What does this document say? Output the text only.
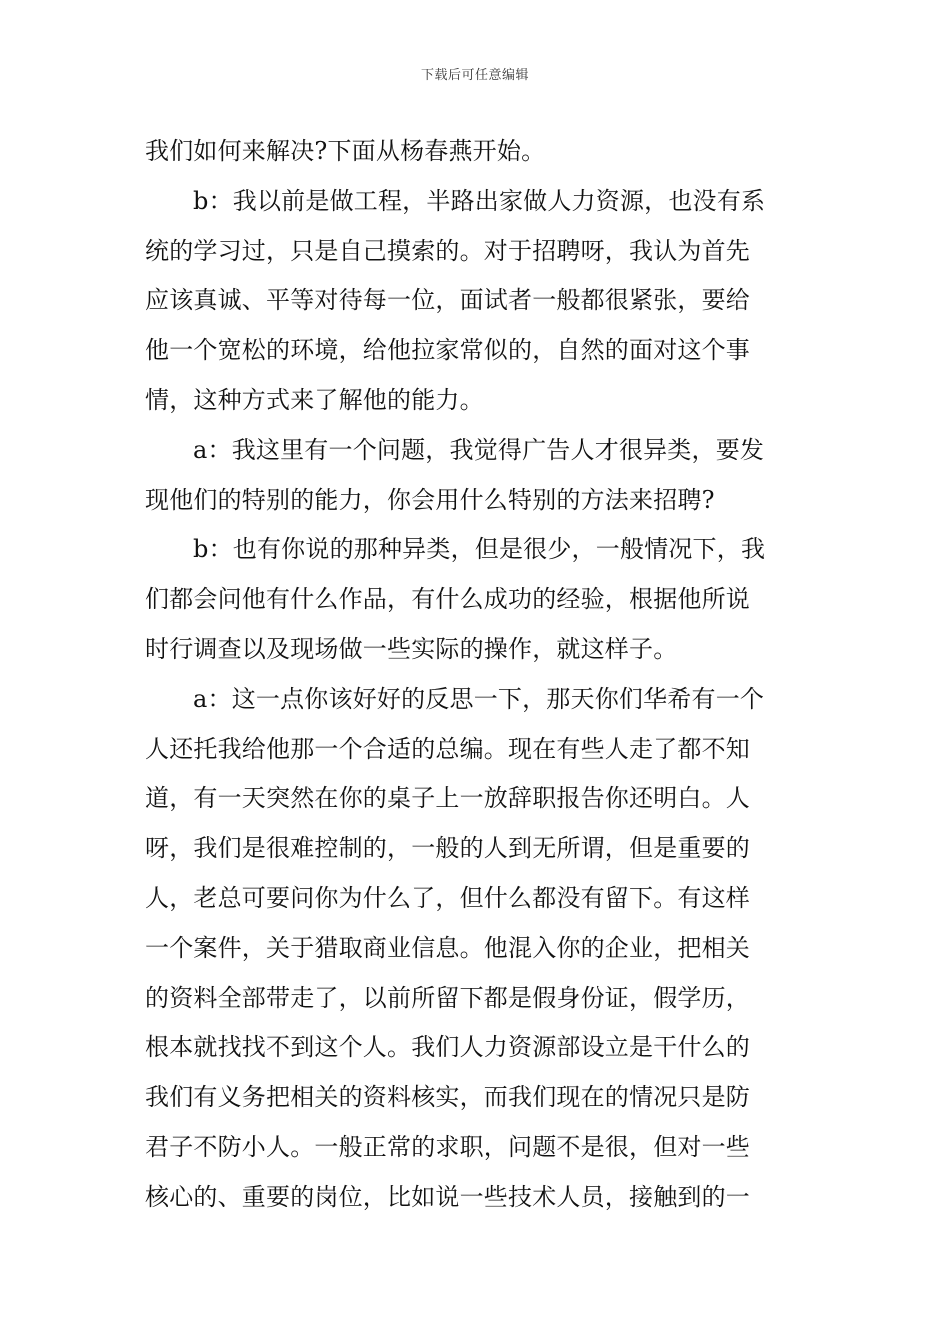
下载后可任意编辑
我们如何来解决?下面从杨春燕开始。
b：我以前是做工程，半路出家做人力资源，也没有系
统的学习过，只是自己摸索的。对于招聘呀，我认为首先
应该真诚、平等对待每一位，面试者一般都很紧张，要给
他一个宽松的环境，给他拉家常似的，自然的面对这个事
情，这种方式来了解他的能力。
a：我这里有一个问题，我觉得广告人才很异类，要发
现他们的特别的能力，你会用什么特别的方法来招聘?
b：也有你说的那种异类，但是很少，一般情况下，我
们都会问他有什么作品，有什么成功的经验，根据他所说
时行调查以及现场做一些实际的操作，就这样子。
a：这一点你该好好的反思一下，那天你们华希有一个
人还托我给他那一个合适的总编。现在有些人走了都不知
道，有一天突然在你的桌子上一放辞职报告你还明白。人
呀，我们是很难控制的，一般的人到无所谓，但是重要的
人，老总可要问你为什么了，但什么都没有留下。有这样
一个案件，关于猎取商业信息。他混入你的企业，把相关
的资料全部带走了，以前所留下都是假身份证，假学历，
根本就找找不到这个人。我们人力资源部设立是干什么的
我们有义务把相关的资料核实，而我们现在的情况只是防
君子不防小人。一般正常的求职，问题不是很，但对一些
核心的、重要的岗位，比如说一些技术人员，接触到的一
